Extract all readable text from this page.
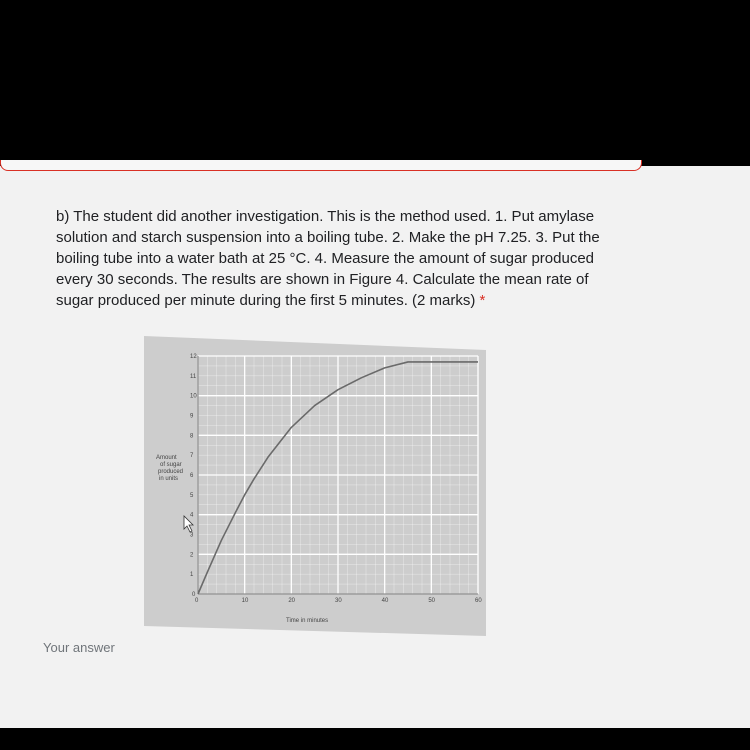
b) The student did another investigation. This is the method used. 1. Put amylase solution and starch suspension into a boiling tube. 2. Make the pH 7.25. 3. Put the boiling tube into a water bath at 25 °C. 4. Measure the amount of sugar produced every 30 seconds. The results are shown in Figure 4. Calculate the mean rate of sugar produced per minute during the first 5 minutes. (2 marks) *

0	10	20	30	40	50	60
1
2
3
4
5
6
7
8
9
10
11
12
0
Amount
of sugar
produced
in units
Time in minutes
Your answer
